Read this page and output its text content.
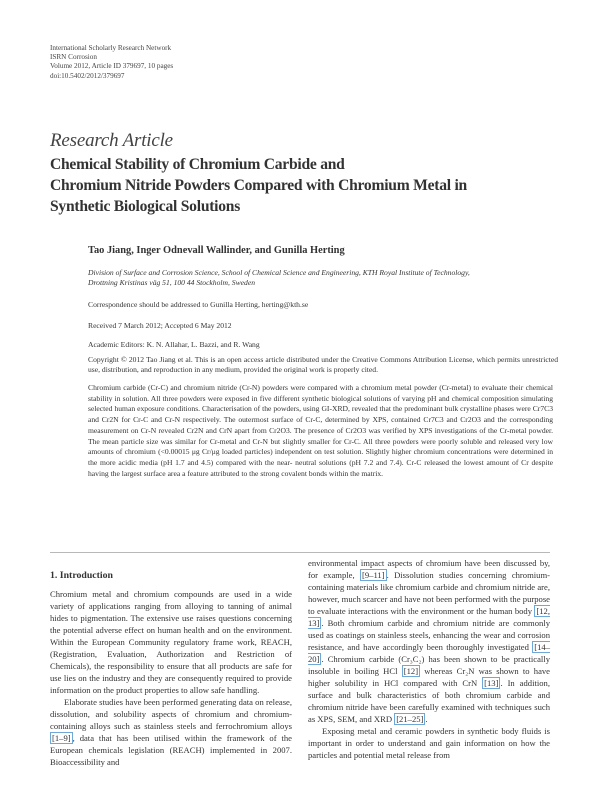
International Scholarly Research Network
ISRN Corrosion
Volume 2012, Article ID 379697, 10 pages
doi:10.5402/2012/379697
Research Article
Chemical Stability of Chromium Carbide and
Chromium Nitride Powders Compared with Chromium Metal in
Synthetic Biological Solutions
Tao Jiang, Inger Odnevall Wallinder, and Gunilla Herting
Division of Surface and Corrosion Science, School of Chemical Science and Engineering, KTH Royal Institute of Technology,
Drottning Kristinas väg 51, 100 44 Stockholm, Sweden
Correspondence should be addressed to Gunilla Herting, herting@kth.se
Received 7 March 2012; Accepted 6 May 2012
Academic Editors: K. N. Allahar, L. Bazzi, and R. Wang
Copyright © 2012 Tao Jiang et al. This is an open access article distributed under the Creative Commons Attribution License, which permits unrestricted use, distribution, and reproduction in any medium, provided the original work is properly cited.
Chromium carbide (Cr-C) and chromium nitride (Cr-N) powders were compared with a chromium metal powder (Cr-metal) to evaluate their chemical stability in solution. All three powders were exposed in five different synthetic biological solutions of varying pH and chemical composition simulating selected human exposure conditions. Characterisation of the powders, using GI-XRD, revealed that the predominant bulk crystalline phases were Cr7C3 and Cr2N for Cr-C and Cr-N respectively. The outermost surface of Cr-C, determined by XPS, contained Cr7C3 and Cr2O3 and the corresponding measurement on Cr-N revealed Cr2N and CrN apart from Cr2O3. The presence of Cr2O3 was verified by XPS investigations of the Cr-metal powder. The mean particle size was similar for Cr-metal and Cr-N but slightly smaller for Cr-C. All three powders were poorly soluble and released very low amounts of chromium (<0.00015 μg Cr/μg loaded particles) independent on test solution. Slightly higher chromium concentrations were determined in the more acidic media (pH 1.7 and 4.5) compared with the near- neutral solutions (pH 7.2 and 7.4). Cr-C released the lowest amount of Cr despite having the largest surface area a feature attributed to the strong covalent bonds within the matrix.
1. Introduction

Chromium metal and chromium compounds are used in a wide variety of applications ranging from alloying to tanning of animal hides to pigmentation. The extensive use raises questions concerning the potential adverse effect on human health and on the environment. Within the European Community regulatory frame work, REACH, (Registration, Evaluation, Authorization and Restriction of Chemicals), the responsibility to ensure that all products are safe for use lies on the industry and they are consequently required to provide information on the product properties to allow safe handling.

Elaborate studies have been performed generating data on release, dissolution, and solubility aspects of chromium and chromium-containing alloys such as stainless steels and ferrochromium alloys [1–9] , data that has been utilised within the framework of the European chemicals legislation (REACH) implemented in 2007. Bioaccessibility and

environmental impact aspects of chromium have been discussed by, for example, [9–11] . Dissolution studies concerning chromium-containing materials like chromium carbide and chromium nitride are, however, much scarcer and have not been performed with the purpose to evaluate interactions with the environment or the human body [12, 13] . Both chromium carbide and chromium nitride are commonly used as coatings on stainless steels, enhancing the wear and corrosion resistance, and have accordingly been thoroughly investigated [14–20] . Chromium carbide (Cr₃C₂) has been shown to be practically insoluble in boiling HCl [12] whereas Cr₂N was shown to have higher solubility in HCl compared with CrN [13] . In addition, surface and bulk characteristics of both chromium carbide and chromium nitride have been carefully examined with techniques such as XPS, SEM, and XRD [21–25] .

Exposing metal and ceramic powders in synthetic body fluids is important in order to understand and gain information on how the particles and potential metal release from
